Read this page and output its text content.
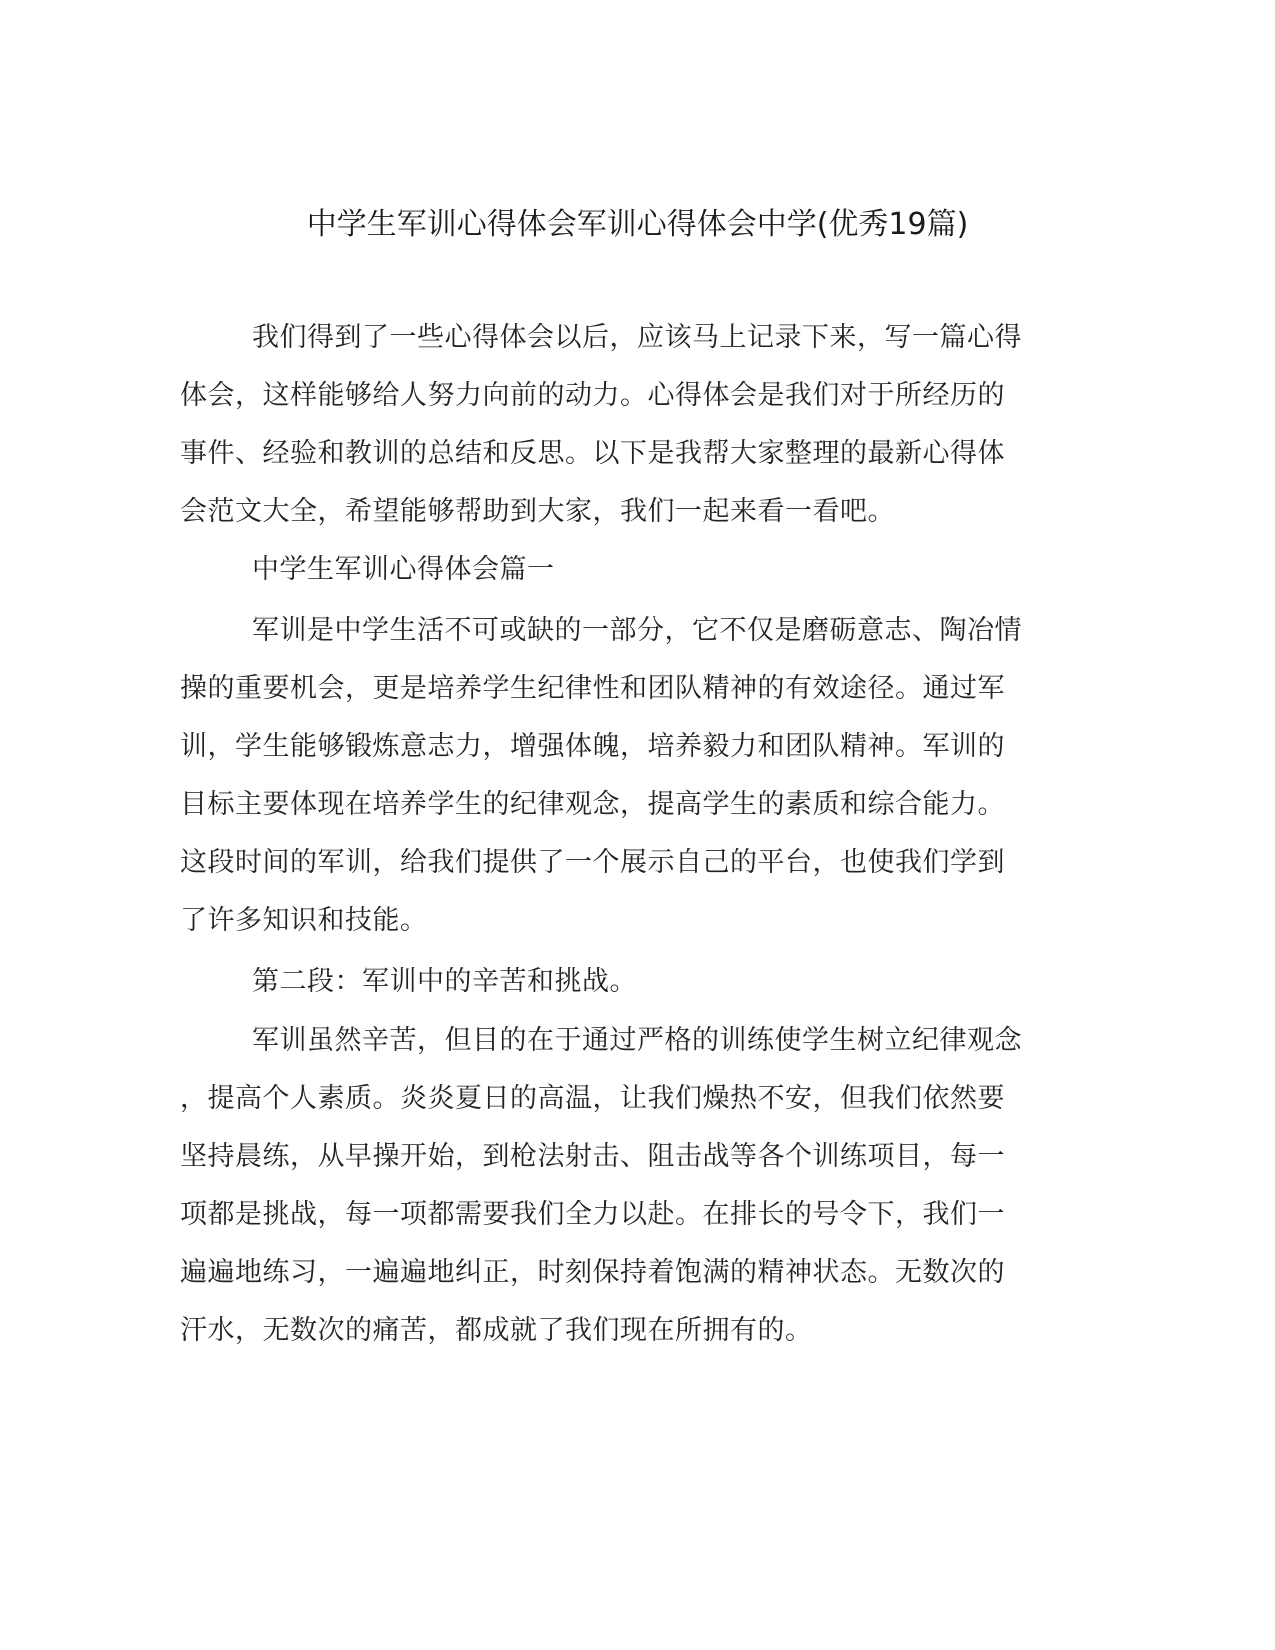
中学生军训心得体会军训心得体会中学(优秀19篇)
我们得到了一些心得体会以后，应该马上记录下来，写一篇心得
体会，这样能够给人努力向前的动力。心得体会是我们对于所经历的
事件、经验和教训的总结和反思。以下是我帮大家整理的最新心得体
会范文大全，希望能够帮助到大家，我们一起来看一看吧。
中学生军训心得体会篇一
军训是中学生活不可或缺的一部分，它不仅是磨砺意志、陶冶情
操的重要机会，更是培养学生纪律性和团队精神的有效途径。通过军
训，学生能够锻炼意志力，增强体魄，培养毅力和团队精神。军训的
目标主要体现在培养学生的纪律观念，提高学生的素质和综合能力。
这段时间的军训，给我们提供了一个展示自己的平台，也使我们学到
了许多知识和技能。
第二段：军训中的辛苦和挑战。
军训虽然辛苦，但目的在于通过严格的训练使学生树立纪律观念
，提高个人素质。炎炎夏日的高温，让我们燥热不安，但我们依然要
坚持晨练，从早操开始，到枪法射击、阻击战等各个训练项目，每一
项都是挑战，每一项都需要我们全力以赴。在排长的号令下，我们一
遍遍地练习，一遍遍地纠正，时刻保持着饱满的精神状态。无数次的
汗水，无数次的痛苦，都成就了我们现在所拥有的。
